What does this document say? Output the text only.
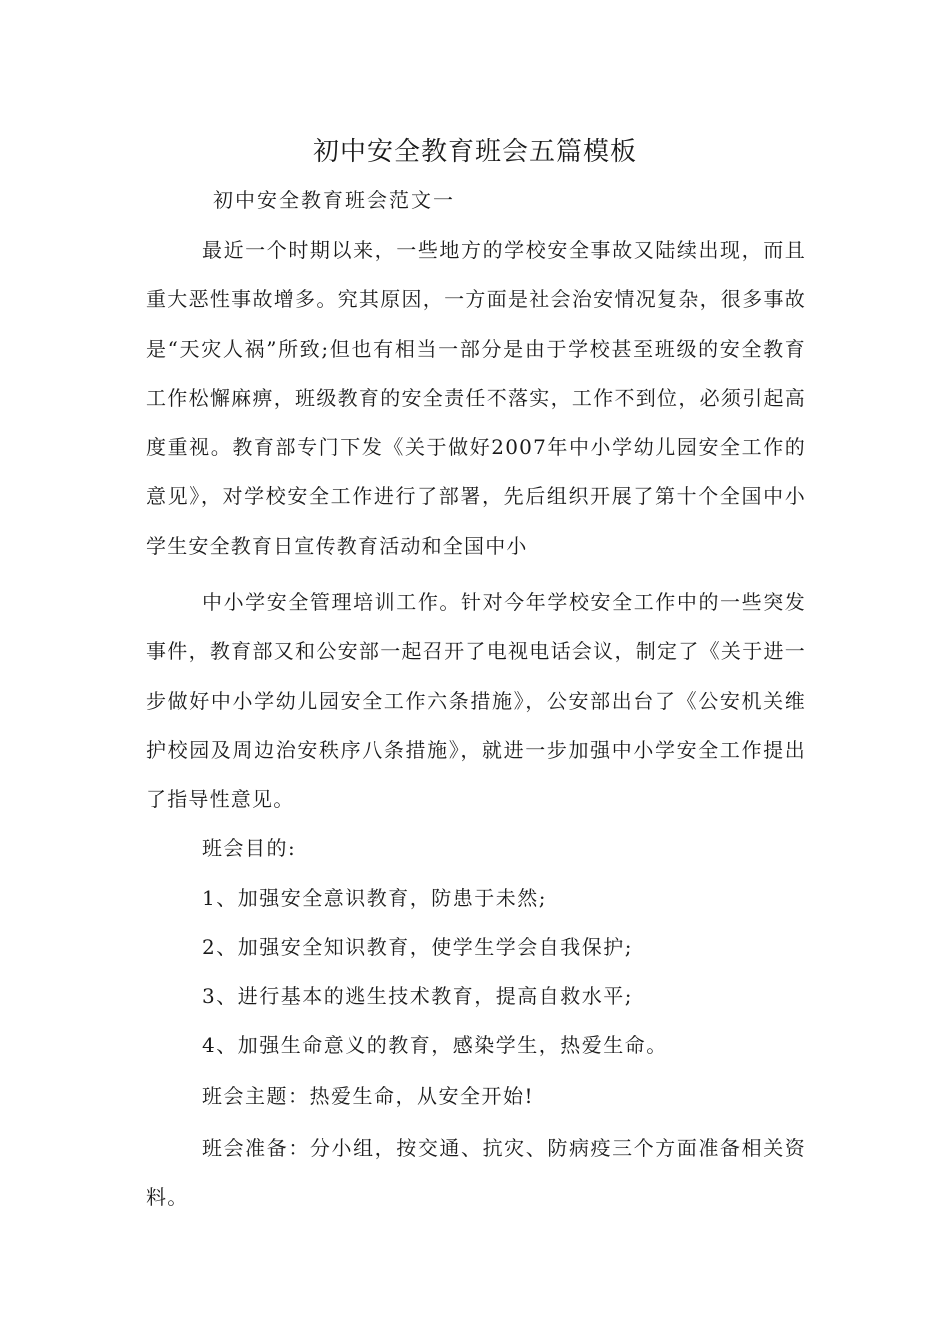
初中安全教育班会五篇模板

初中安全教育班会范文一

最近一个时期以来，一些地方的学校安全事故又陆续出现，而且重大恶性事故增多。究其原因，一方面是社会治安情况复杂，很多事故是“天灾人祸”所致;但也有相当一部分是由于学校甚至班级的安全教育工作松懈麻痹，班级教育的安全责任不落实，工作不到位，必须引起高度重视。教育部专门下发《关于做好2007年中小学幼儿园安全工作的意见》，对学校安全工作进行了部署，先后组织开展了第十个全国中小学生安全教育日宣传教育活动和全国中小

中小学安全管理培训工作。针对今年学校安全工作中的一些突发事件，教育部又和公安部一起召开了电视电话会议，制定了《关于进一步做好中小学幼儿园安全工作六条措施》，公安部出台了《公安机关维护校园及周边治安秩序八条措施》，就进一步加强中小学安全工作提出了指导性意见。

班会目的:

1、加强安全意识教育，防患于未然;

2、加强安全知识教育，使学生学会自我保护;

3、进行基本的逃生技术教育，提高自救水平;

4、加强生命意义的教育，感染学生，热爱生命。

班会主题：热爱生命，从安全开始!

班会准备：分小组，按交通、抗灾、防病疫三个方面准备相关资料。
